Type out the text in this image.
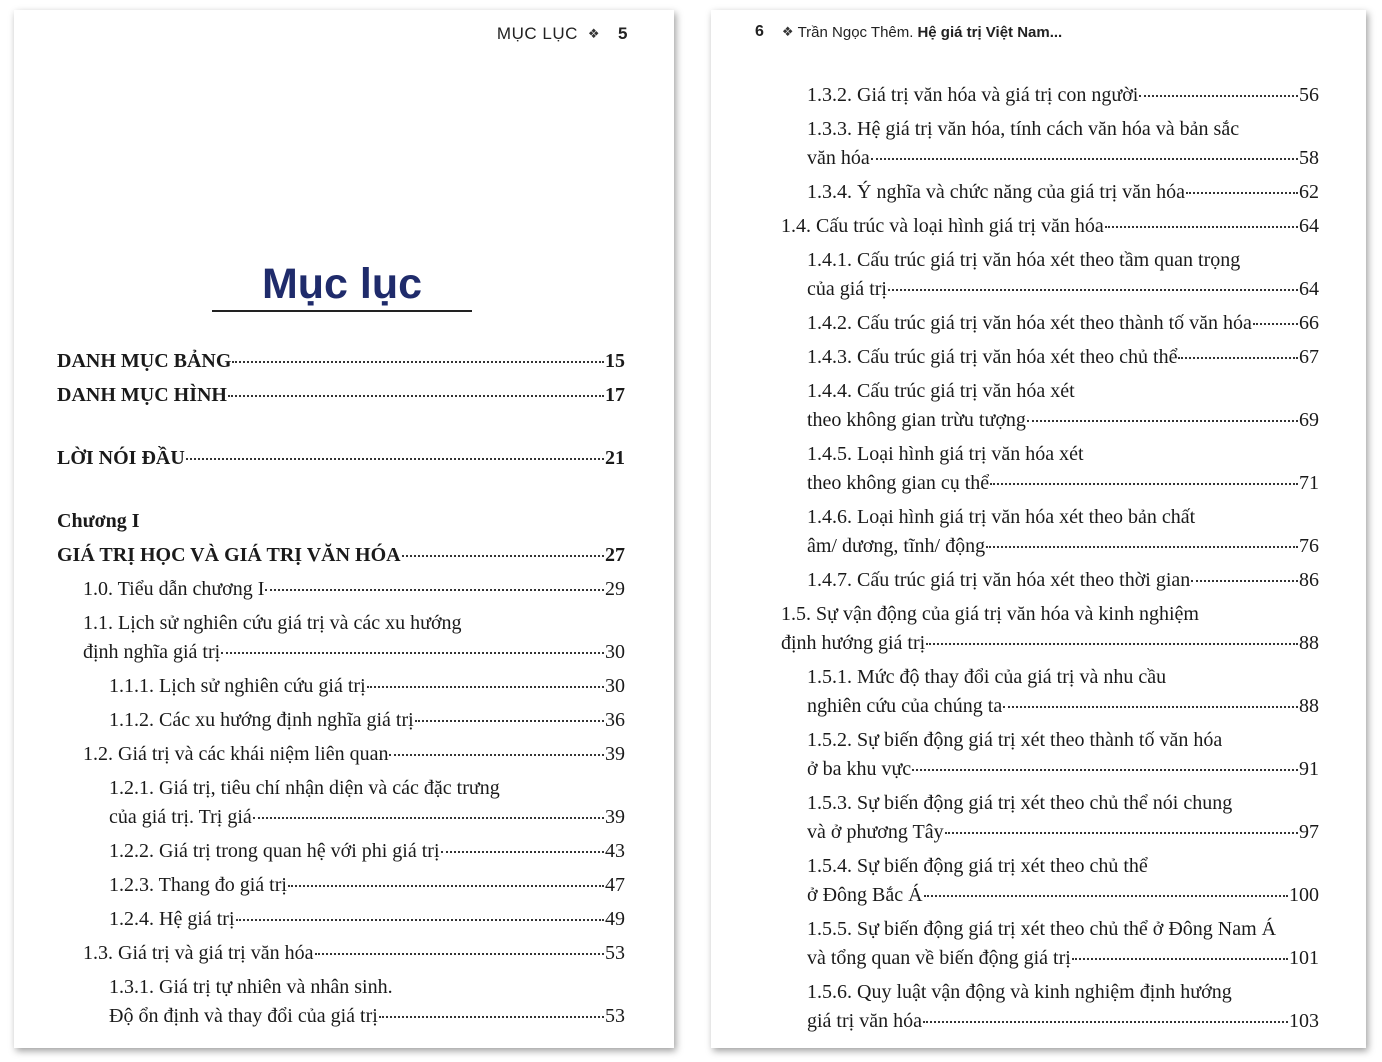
MỤC LỤC ❖ 5
Mục lục
DANH MỤC BẢNG	15
DANH MỤC HÌNH	17
LỜI NÓI ĐẦU	21
Chương I
GIÁ TRỊ HỌC VÀ GIÁ TRỊ VĂN HÓA	27
1.0. Tiểu dẫn chương I	29
1.1. Lịch sử nghiên cứu giá trị và các xu hướng
định nghĩa giá trị	30
1.1.1. Lịch sử nghiên cứu giá trị	30
1.1.2. Các xu hướng định nghĩa giá trị	36
1.2. Giá trị và các khái niệm liên quan	39
1.2.1. Giá trị, tiêu chí nhận diện và các đặc trưng
của giá trị. Trị giá	39
1.2.2. Giá trị trong quan hệ với phi giá trị	43
1.2.3. Thang đo giá trị	47
1.2.4. Hệ giá trị	49
1.3. Giá trị và giá trị văn hóa	53
1.3.1. Giá trị tự nhiên và nhân sinh.
Độ ổn định và thay đổi của giá trị	53
6 ❖ Trần Ngọc Thêm. Hệ giá trị Việt Nam...
1.3.2. Giá trị văn hóa và giá trị con người	56
1.3.3. Hệ giá trị văn hóa, tính cách văn hóa và bản sắc
văn hóa	58
1.3.4. Ý nghĩa và chức năng của giá trị văn hóa	62
1.4. Cấu trúc và loại hình giá trị văn hóa	64
1.4.1. Cấu trúc giá trị văn hóa xét theo tầm quan trọng
của giá trị	64
1.4.2. Cấu trúc giá trị văn hóa xét theo thành tố văn hóa 66
1.4.3. Cấu trúc giá trị văn hóa xét theo chủ thể	67
1.4.4. Cấu trúc giá trị văn hóa xét
theo không gian trừu tượng	69
1.4.5. Loại hình giá trị văn hóa xét
theo không gian cụ thể	71
1.4.6. Loại hình giá trị văn hóa xét theo bản chất
âm/ dương, tĩnh/ động	76
1.4.7. Cấu trúc giá trị văn hóa xét theo thời gian	86
1.5. Sự vận động của giá trị văn hóa và kinh nghiệm
định hướng giá trị	88
1.5.1. Mức độ thay đổi của giá trị và nhu cầu
nghiên cứu của chúng ta	88
1.5.2. Sự biến động giá trị xét theo thành tố văn hóa
ở ba khu vực	91
1.5.3. Sự biến động giá trị xét theo chủ thể nói chung
và ở phương Tây	97
1.5.4. Sự biến động giá trị xét theo chủ thể
ở Đông Bắc Á	100
1.5.5. Sự biến động giá trị xét theo chủ thể ở Đông Nam Á
và tổng quan về biến động giá trị	101
1.5.6. Quy luật vận động và kinh nghiệm định hướng
giá trị văn hóa	103
